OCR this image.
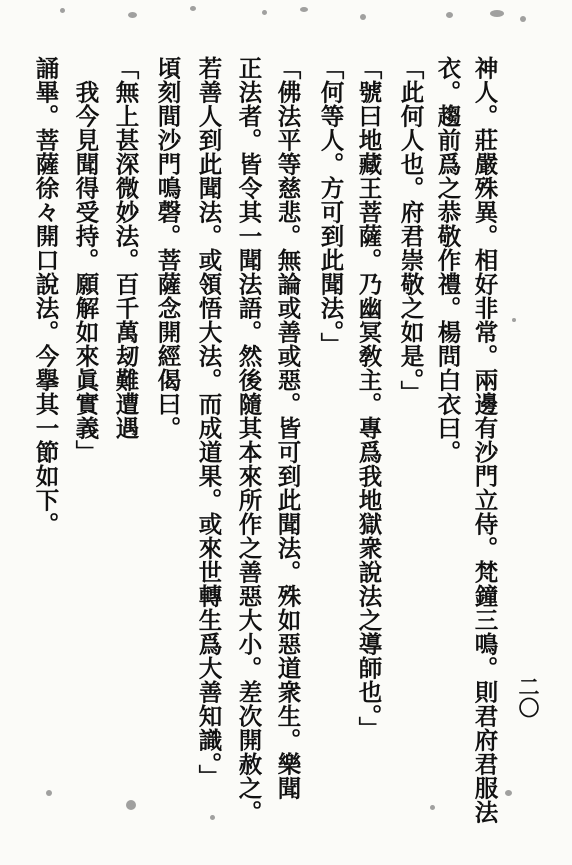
神人。莊嚴殊異。相好非常。兩邊有沙門立侍。梵鐘三鳴。則君府君服法
衣。趨前爲之恭敬作禮。楊問白衣曰。
「此何人也。府君崇敬之如是。」
「號曰地藏王菩薩。乃幽冥敎主。專爲我地獄衆說法之導師也。」
「何等人。方可到此聞法。」
「佛法平等慈悲。無論或善或惡。皆可到此聞法。殊如惡道衆生。樂聞
正法者。皆令其一聞法語。然後隨其本來所作之善惡大小。差次開赦之。
若善人到此聞法。或領悟大法。而成道果。或來世轉生爲大善知識。」
頃刻間沙門鳴磬。菩薩念開經偈曰。
「無上甚深微妙法。百千萬刼難遭遇
我今見聞得受持。願解如來眞實義」
誦畢。菩薩徐々開口說法。今擧其一節如下。
二〇
